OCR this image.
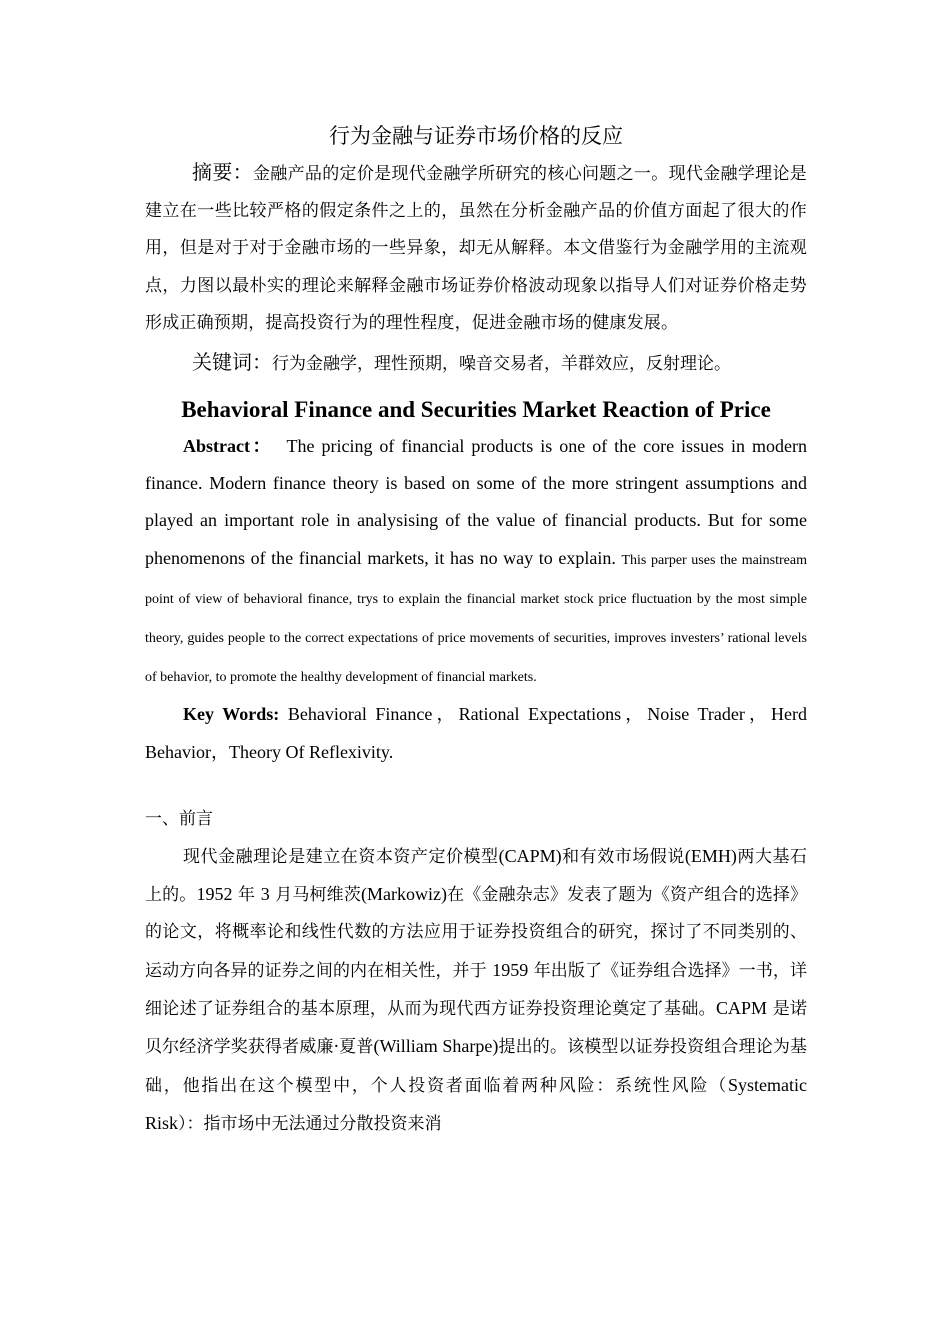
行为金融与证券市场价格的反应

摘要：金融产品的定价是现代金融学所研究的核心问题之一。现代金融学理论是建立在一些比较严格的假定条件之上的，虽然在分析金融产品的价值方面起了很大的作用，但是对于对于金融市场的一些异象，却无从解释。本文借鉴行为金融学用的主流观点，力图以最朴实的理论来解释金融市场证券价格波动现象以指导人们对证券价格走势形成正确预期，提高投资行为的理性程度，促进金融市场的健康发展。

关键词：行为金融学，理性预期，噪音交易者，羊群效应，反射理论。

Behavioral Finance and Securities Market Reaction of Price

Abstract： The pricing of financial products is one of the core issues in modern finance. Modern finance theory is based on some of the more stringent assumptions and played an important role in analysising of the value of financial products. But for some phenomenons of the financial markets, it has no way to explain. This parper uses the mainstream point of view of behavioral finance, trys to explain the financial market stock price fluctuation by the most simple theory, guides people to the correct expectations of price movements of securities, improves investers’ rational levels of behavior, to promote the healthy development of financial markets.

Key Words: Behavioral Finance，Rational Expectations，Noise Trader，Herd Behavior，Theory Of Reflexivity.

一、前言

现代金融理论是建立在资本资产定价模型(CAPM)和有效市场假说(EMH)两大基石上的。1952 年 3 月马柯维茨(Markowiz)在《金融杂志》发表了题为《资产组合的选择》的论文，将概率论和线性代数的方法应用于证券投资组合的研究，探讨了不同类别的、运动方向各异的证券之间的内在相关性，并于 1959 年出版了《证券组合选择》一书，详细论述了证券组合的基本原理，从而为现代西方证券投资理论奠定了基础。CAPM 是诺贝尔经济学奖获得者威廉·夏普(William Sharpe)提出的。该模型以证券投资组合理论为基础，他指出在这个模型中，个人投资者面临着两种风险：系统性风险（Systematic Risk）：指市场中无法通过分散投资来消
